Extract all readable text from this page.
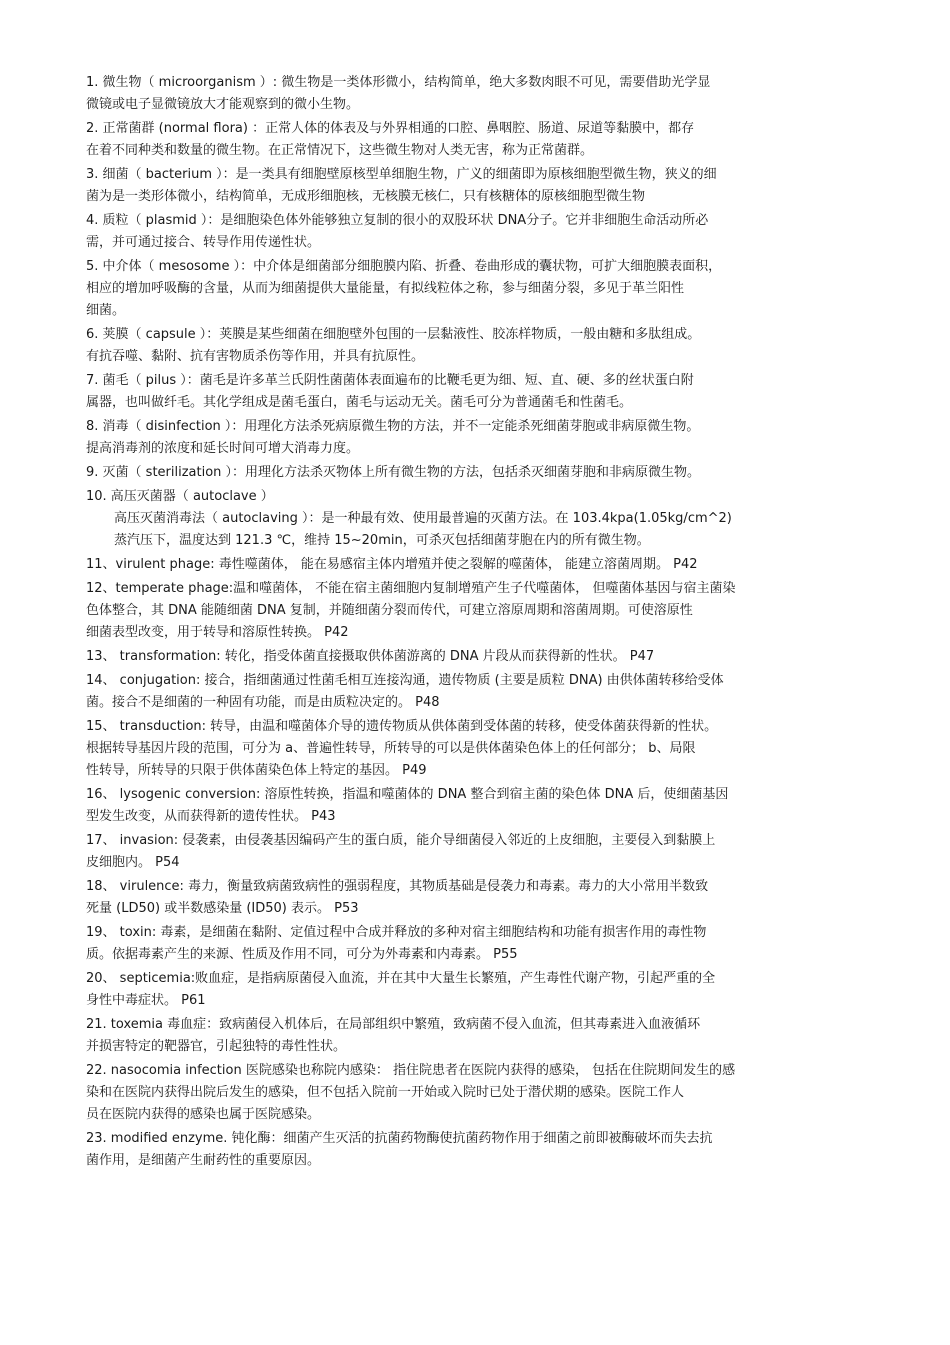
1. 微生物（ microorganism ）: 微生物是一类体形微小，结构简单，绝大多数肉眼不可见，需要借助光学显
微镜或电子显微镜放大才能观察到的微小生物。
2. 正常菌群 (normal flora) ：正常人体的体表及与外界相通的口腔、鼻咽腔、肠道、尿道等黏膜中，都存
在着不同种类和数量的微生物。在正常情况下，这些微生物对人类无害，称为正常菌群。
3. 细菌（ bacterium ）：是一类具有细胞壁原核型单细胞生物，广义的细菌即为原核细胞型微生物，狭义的细
菌为是一类形体微小，结构简单，无成形细胞核，无核膜无核仁，只有核糖体的原核细胞型微生物
4. 质粒（ plasmid ）：是细胞染色体外能够独立复制的很小的双股环状 DNA分子。它并非细胞生命活动所必
需，并可通过接合、转导作用传递性状。
5. 中介体（ mesosome ）：中介体是细菌部分细胞膜内陷、折叠、卷曲形成的囊状物，可扩大细胞膜表面积，
相应的增加呼吸酶的含量，从而为细菌提供大量能量，有拟线粒体之称，参与细菌分裂，多见于革兰阳性
细菌。
6. 荚膜（ capsule ）：荚膜是某些细菌在细胞壁外包围的一层黏液性、胶冻样物质，一般由糖和多肽组成。
有抗吞噬、黏附、抗有害物质杀伤等作用，并具有抗原性。
7. 菌毛（ pilus ）：菌毛是许多革兰氏阴性菌菌体表面遍布的比鞭毛更为细、短、直、硬、多的丝状蛋白附
属器，也叫做纤毛。其化学组成是菌毛蛋白，菌毛与运动无关。菌毛可分为普通菌毛和性菌毛。
8. 消毒（ disinfection ）：用理化方法杀死病原微生物的方法，并不一定能杀死细菌芽胞或非病原微生物。
提高消毒剂的浓度和延长时间可增大消毒力度。
9. 灭菌（ sterilization ）：用理化方法杀灭物体上所有微生物的方法，包括杀灭细菌芽胞和非病原微生物。
10. 高压灭菌器（ autoclave ）
高压灭菌消毒法（ autoclaving ）：是一种最有效、使用最普遍的灭菌方法。在 103.4kpa(1.05kg/cm^2)
蒸汽压下，温度达到 121.3 ℃，维持 15~20min，可杀灭包括细菌芽胞在内的所有微生物。
11、virulent phage: 毒性噬菌体， 能在易感宿主体内增殖并使之裂解的噬菌体， 能建立溶菌周期。 P42
12、temperate phage:温和噬菌体， 不能在宿主菌细胞内复制增殖产生子代噬菌体， 但噬菌体基因与宿主菌染
色体整合，其 DNA 能随细菌 DNA 复制，并随细菌分裂而传代，可建立溶原周期和溶菌周期。可使溶原性
细菌表型改变，用于转导和溶原性转换。 P42
13、 transformation: 转化，指受体菌直接摄取供体菌游离的 DNA 片段从而获得新的性状。 P47
14、 conjugation: 接合，指细菌通过性菌毛相互连接沟通，遗传物质 (主要是质粒 DNA) 由供体菌转移给受体
菌。接合不是细菌的一种固有功能，而是由质粒决定的。 P48
15、 transduction: 转导，由温和噬菌体介导的遗传物质从供体菌到受体菌的转移，使受体菌获得新的性状。
根据转导基因片段的范围，可分为 a、普遍性转导，所转导的可以是供体菌染色体上的任何部分； b、局限
性转导，所转导的只限于供体菌染色体上特定的基因。 P49
16、 lysogenic conversion: 溶原性转换，指温和噬菌体的 DNA 整合到宿主菌的染色体 DNA 后，使细菌基因
型发生改变，从而获得新的遗传性状。 P43
17、 invasion: 侵袭素，由侵袭基因编码产生的蛋白质，能介导细菌侵入邻近的上皮细胞，主要侵入到黏膜上
皮细胞内。 P54
18、 virulence: 毒力，衡量致病菌致病性的强弱程度，其物质基础是侵袭力和毒素。毒力的大小常用半数致
死量 (LD50) 或半数感染量 (ID50) 表示。 P53
19、 toxin: 毒素，是细菌在黏附、定值过程中合成并释放的多种对宿主细胞结构和功能有损害作用的毒性物
质。依据毒素产生的来源、性质及作用不同，可分为外毒素和内毒素。 P55
20、 septicemia:败血症，是指病原菌侵入血流，并在其中大量生长繁殖，产生毒性代谢产物，引起严重的全
身性中毒症状。 P61
21. toxemia 毒血症：致病菌侵入机体后，在局部组织中繁殖，致病菌不侵入血流，但其毒素进入血液循环
并损害特定的靶器官，引起独特的毒性性状。
22. nasocomia infection 医院感染也称院内感染： 指住院患者在医院内获得的感染， 包括在住院期间发生的感
染和在医院内获得出院后发生的感染，但不包括入院前一开始或入院时已处于潜伏期的感染。医院工作人
员在医院内获得的感染也属于医院感染。
23. modified enzyme. 钝化酶：细菌产生灭活的抗菌药物酶使抗菌药物作用于细菌之前即被酶破坏而失去抗
菌作用，是细菌产生耐药性的重要原因。
